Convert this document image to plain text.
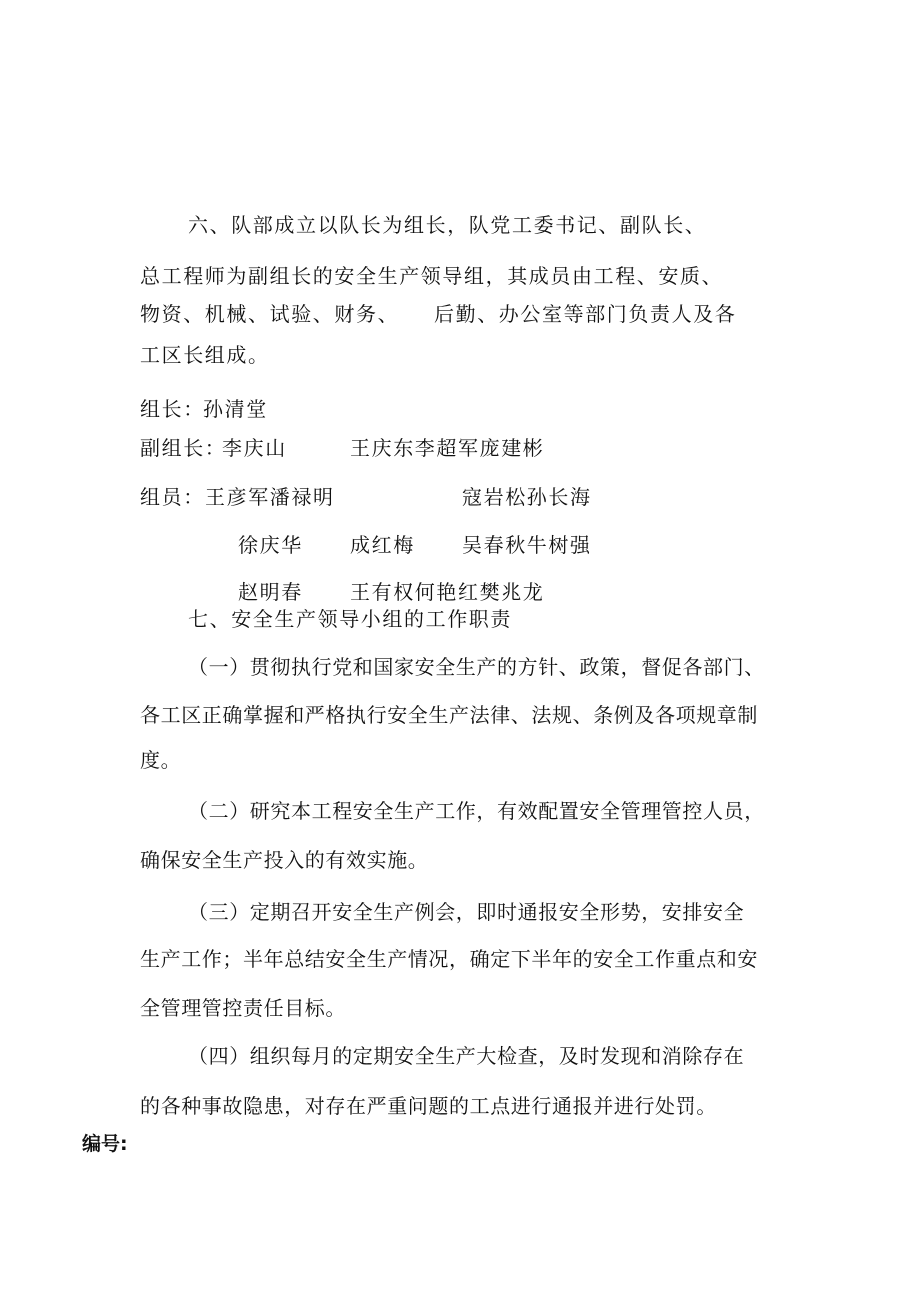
六、队部成立以队长为组长，队党工委书记、副队长、
总工程师为副组长的安全生产领导组，其成员由工程、安质、
物资、机械、试验、财务、 后勤、办公室等部门负责人及各
工区长组成。
组长：
孙清堂
副组长：
李庆山	王庆东李超军庞建彬
组员： 王彦军潘禄明	寇岩松孙长海
徐庆华 成红梅 吴春秋牛树强
赵明春 王有权何艳红樊兆龙
七、安全生产领导小组的工作职责
（一）贯彻执行党和国家安全生产的方针、政策，督促各部门、
各工区正确掌握和严格执行安全生产法律、法规、条例及各项规章制
度。
（二）研究本工程安全生产工作，有效配置安全管理管控人员，
确保安全生产投入的有效实施。
（三）定期召开安全生产例会，即时通报安全形势，安排安全
生产工作；半年总结安全生产情况，确定下半年的安全工作重点和安
全管理管控责任目标。
（四）组织每月的定期安全生产大检查，及时发现和消除存在
的各种事故隐患，对存在严重问题的工点进行通报并进行处罚。
编号:
